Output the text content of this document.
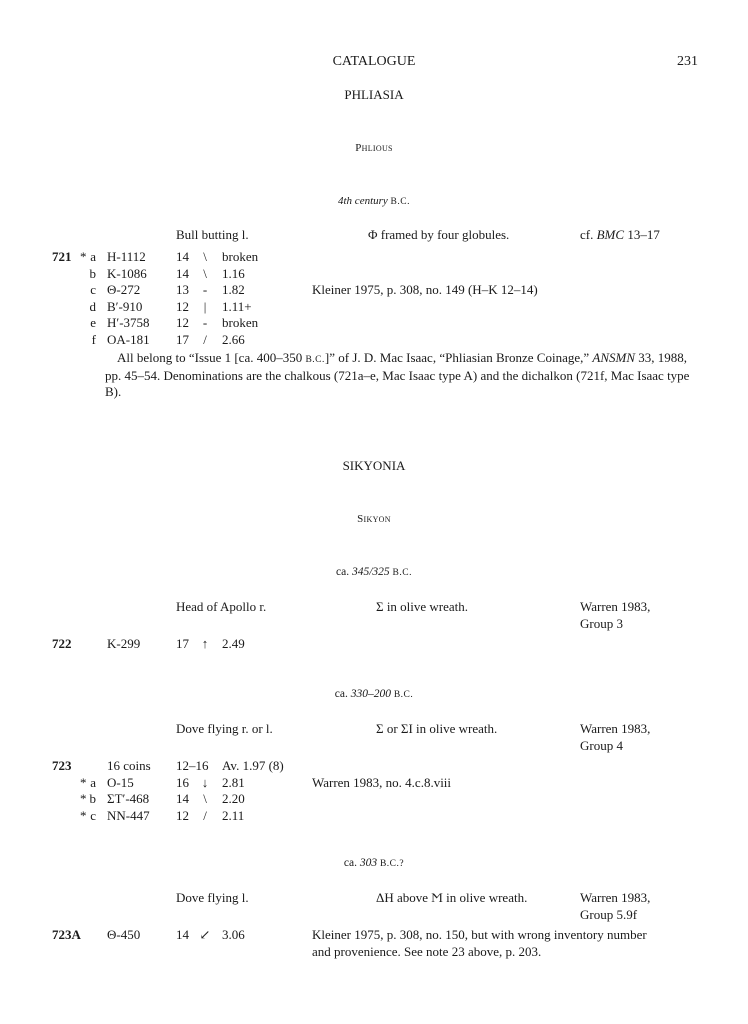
CATALOGUE	231
PHLIASIA
Phlious
4th century B.C.
Bull butting l.	Φ framed by four globules.	cf. BMC 13–17
721 * a H-1112 14	\	broken
b K-1086 14	\	1.16
c Θ-272	13	-	1.82	Kleiner 1975, p. 308, no. 149 (H–K 12–14)
d B′-910	12	|	1.11+
e H′-3758 12	-	broken
f OA-181 17	/	2.66
All belong to “Issue 1 [ca. 400–350 B.C.]” of J. D. Mac Isaac, “Phliasian Bronze Coinage,” ANSMN 33, 1988, pp. 45–54. Denominations are the chalkous (721a–e, Mac Isaac type A) and the dichalkon (721f, Mac Isaac type B).
SIKYONIA
Sikyon
ca. 345/325 B.C.
Head of Apollo r.	Σ in olive wreath.	Warren 1983,
Group 3
722	K-299	17 ↑ 2.49
ca. 330–200 B.C.
Dove flying r. or l.	Σ or ΣI in olive wreath.	Warren 1983,
Group 4
723	16 coins 12–16 Av. 1.97 (8)
* a O-15	16 ↓ 2.81	Warren 1983, no. 4.c.8.viii
* b ΣT′-468 14	\	2.20
* c NN-447 12	/	2.11
ca. 303 B.C.?
Dove flying l.	ΔH above Ϻ in olive wreath.	Warren 1983,
Group 5.9f
723A Θ-450	14 ↙ 3.06	Kleiner 1975, p. 308, no. 150, but with wrong inventory number
and provenience. See note 23 above, p. 203.
